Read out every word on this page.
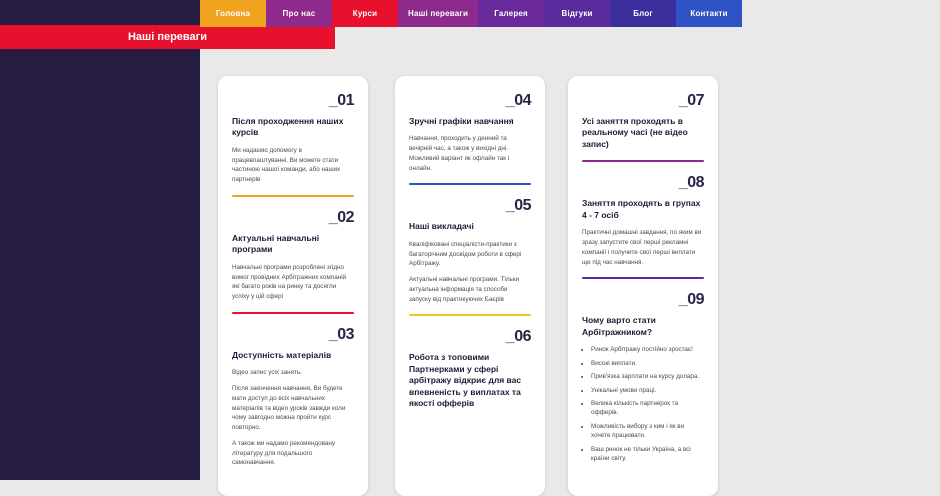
Головна	Про нас	Курси	Наші переваги	Галерея	Відгуки	Блог	Контакти
Наші переваги
_01
Після проходження наших курсів
Ми надаємо допомогу в працевлаштуванні. Ви можете стати частиною нашої команди, або наших партнерів
_02
Актуальні навчальні програми
Навчальні програми розроблені згідно вимог провідних Арбітражних компаній які багато років на ринку та досягли успіху у цій сфері
_03
Доступність матеріалів
Відео запис усіх занять.
Після закінчення навчання, Ви будете мати доступ до всіх навчальних матеріалів та відео уроків завжди коли чому завгодно можна пройти курс повторно.
А також ми надамо рекомендовану літературу для подальшого самонавчання.
_04
Зручні графіки навчання
Навчання, проходить у денний та вечірній час, а також у вихідні дні. Можливий варіант як офлайн так і онлайн.
_05
Наші викладачі
Кваліфіковані спеціалісти-практики з багаторічним досвідом роботи в сфері Арбітражу.
Актуальні навчальні програми. Тільки актуальна інформація та способи запуску від практикуючих Баєрів
_06
Робота з топовими Партнерками у сфері арбітражу відкриє для вас впевненість у виплатах та якості офферів
_07
Усі заняття проходять в реальному часі (не відео запис)
_08
Заняття проходять в групах 4 - 7 осіб
Практичні домашні завдання, по яким ви зразу запустите свої перші рекламні компанії і получите свої перші виплати ще під час навчання.
_09
Чому варто стати Арбітражником?
• Ринок Арбітражу постійно зростає!
• Високі виплати.
• Прив'язка зарплати на курсу долара.
• Унікальні умови праці.
• Велика кількість партнерок та офферів.
• Можливість вибору з ким і як ви хочете працювати.
• Ваш ринок не тільки Україна, а всі країни світу.
